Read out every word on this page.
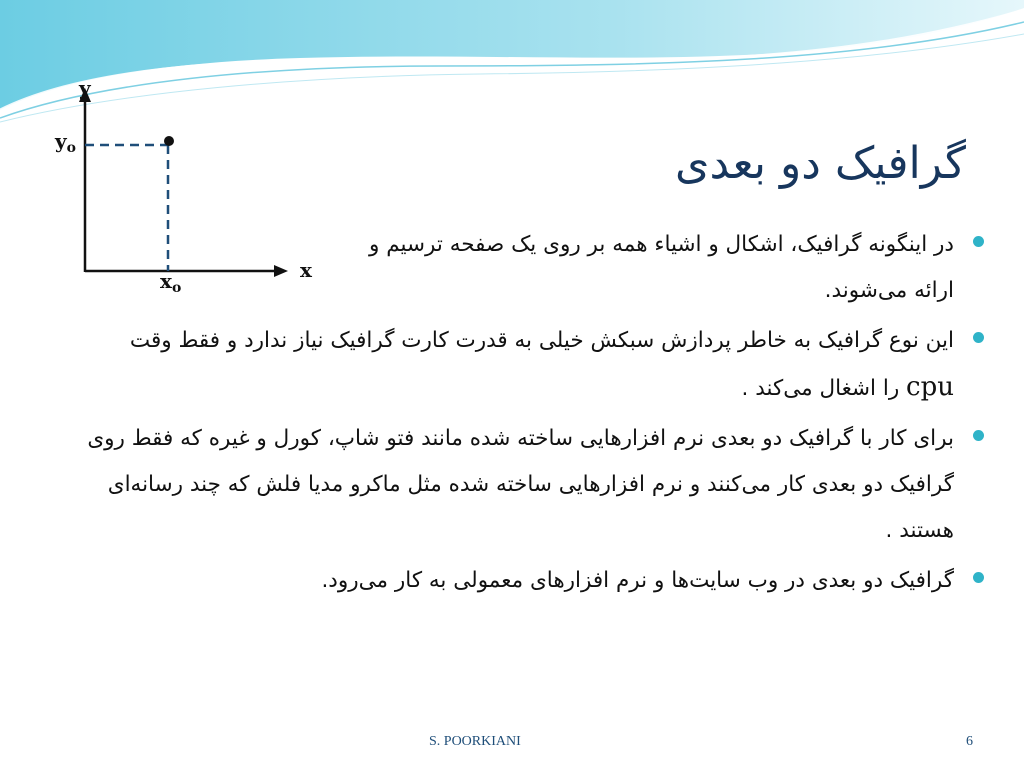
y
x
$y_o$
$x_o$
گرافیک دو بعدی
در اینگونه گرافیک، اشکال و اشیاء همه بر روی یک صفحه ترسیم و ارائه می‌شوند.
این نوع گرافیک به خاطر پردازش سبکش خیلی به قدرت کارت گرافیک نیاز ندارد و فقط وقت cpu را اشغال می‌کند .
برای کار با گرافیک دو بعدی نرم افزارهایی ساخته شده مانند فتو شاپ، کورل و غیره که فقط روی گرافیک دو بعدی کار می‌کنند و نرم افزارهایی ساخته شده مثل ماکرو مدیا فلش که چند رسانه‌ای هستند .
گرافیک دو بعدی در وب سایت‌ها و نرم افزارهای معمولی به کار می‌رود.
S. POORKIANI	6
